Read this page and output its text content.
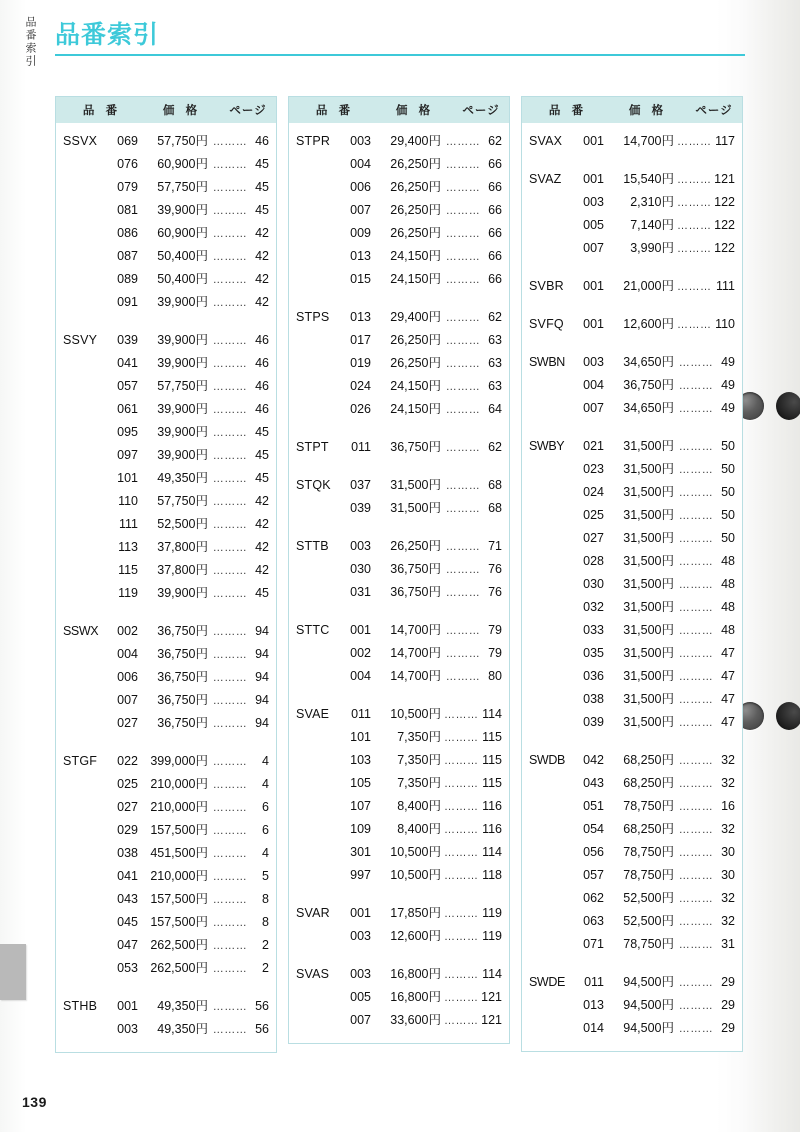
品番索引 品番索引
品 番	価 格	ページ
SSVX	069	57,750円 ……… 46
076	60,900円 ……… 45
079	57,750円 ……… 45
081	39,900円 ……… 45
086	60,900円 ……… 42
087	50,400円 ……… 42
089	50,400円 ……… 42
091	39,900円 ……… 42
SSVY	039	39,900円 ……… 46
041	39,900円 ……… 46
057	57,750円 ……… 46
061	39,900円 ……… 46
095	39,900円 ……… 45
097	39,900円 ……… 45
101	49,350円 ……… 45
110	57,750円 ……… 42
111	52,500円 ……… 42
113	37,800円 ……… 42
115	37,800円 ……… 42
119	39,900円 ……… 45
SSWX	002	36,750円 ……… 94
004	36,750円 ……… 94
006	36,750円 ……… 94
007	36,750円 ……… 94
027	36,750円 ……… 94
STGF	022 399,000円 ………	4
025 210,000円 ………	4
027 210,000円 ………	6
029 157,500円 ………	6
038 451,500円 ………	4
041 210,000円 ………	5
043 157,500円 ………	8
045 157,500円 ………	8
047 262,500円 ………	2
053 262,500円 ………	2
STHB	001	49,350円 ……… 56
003	49,350円 ……… 56
品 番	価 格	ページ
STPR	003	29,400円 ……… 62
004	26,250円 ……… 66
006	26,250円 ……… 66
007	26,250円 ……… 66
009	26,250円 ……… 66
013	24,150円 ……… 66
015	24,150円 ……… 66
STPS	013	29,400円 ……… 62
017	26,250円 ……… 63
019	26,250円 ……… 63
024	24,150円 ……… 63
026	24,150円 ……… 64
STPT	011	36,750円 ……… 62
STQK	037	31,500円 ……… 68
039	31,500円 ……… 68
STTB	003	26,250円 ……… 71
030	36,750円 ……… 76
031	36,750円 ……… 76
STTC	001	14,700円 ……… 79
002	14,700円 ……… 79
004	14,700円 ……… 80
SVAE	011	10,500円 ……… 114
101	7,350円 ……… 115
103	7,350円 ……… 115
105	7,350円 ……… 115
107	8,400円 ……… 116
109	8,400円 ……… 116
301	10,500円 ……… 114
997	10,500円 ……… 118
SVAR	001	17,850円 ……… 119
003	12,600円 ……… 119
SVAS	003	16,800円 ……… 114
005	16,800円 ……… 121
007	33,600円 ……… 121
品 番	価 格	ページ
SVAX	001	14,700円 ……… 117
SVAZ	001	15,540円 ……… 121
003	2,310円 ……… 122
005	7,140円 ……… 122
007	3,990円 ……… 122
SVBR	001	21,000円 ……… 111
SVFQ	001	12,600円 ……… 110
SWBN	003	34,650円 ……… 49
004	36,750円 ……… 49
007	34,650円 ……… 49
SWBY	021	31,500円 ……… 50
023	31,500円 ……… 50
024	31,500円 ……… 50
025	31,500円 ……… 50
027	31,500円 ……… 50
028	31,500円 ……… 48
030	31,500円 ……… 48
032	31,500円 ……… 48
033	31,500円 ……… 48
035	31,500円 ……… 47
036	31,500円 ……… 47
038	31,500円 ……… 47
039	31,500円 ……… 47
SWDB	042	68,250円 ……… 32
043	68,250円 ……… 32
051	78,750円 ……… 16
054	68,250円 ……… 32
056	78,750円 ……… 30
057	78,750円 ……… 30
062	52,500円 ……… 32
063	52,500円 ……… 32
071	78,750円 ……… 31
SWDE	011	94,500円 ……… 29
013	94,500円 ……… 29
014	94,500円 ……… 29
139
